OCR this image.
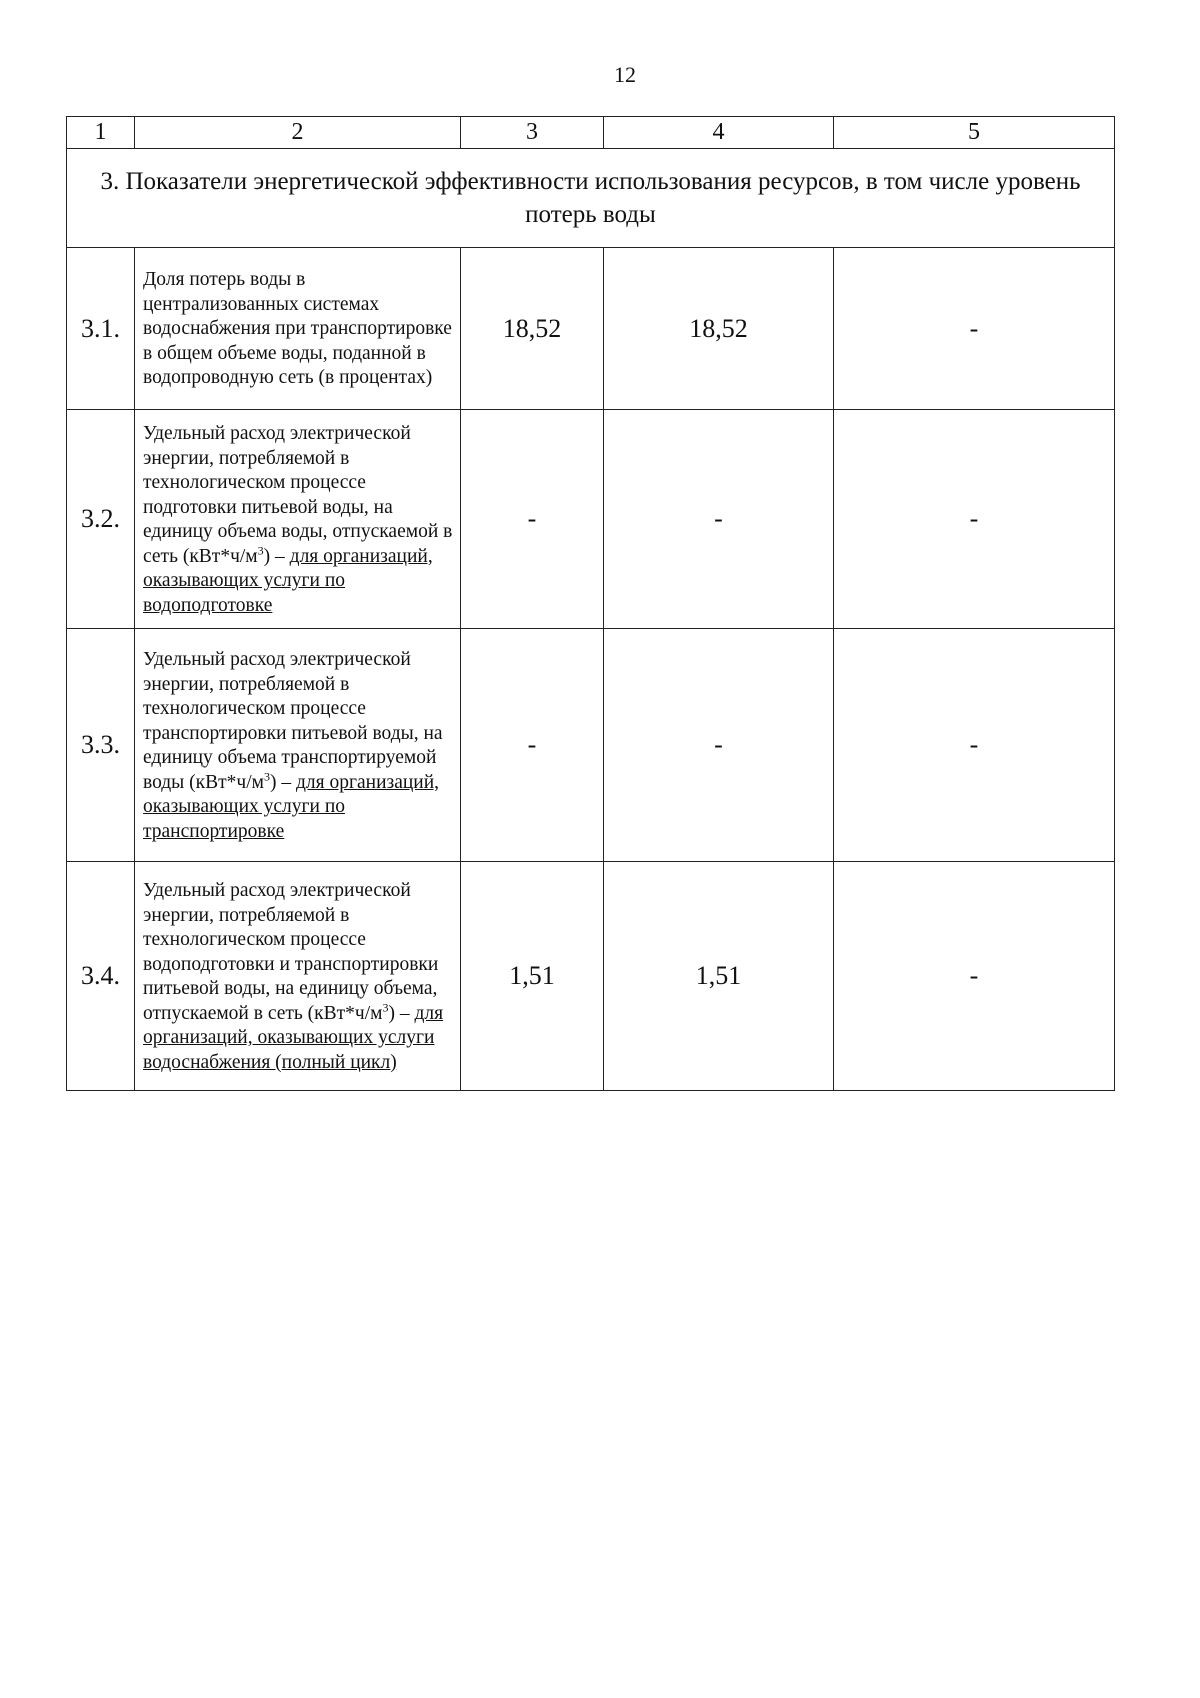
12
1	2	3	4	5
3. Показатели энергетической эффективности использования ресурсов, в том числе уровень потерь воды				
3.1.	Доля потерь воды в централизованных системах водоснабжения при транспортировке в общем объеме воды, поданной в водопроводную сеть (в процентах)	18,52	18,52	-
3.2.	Удельный расход электрической энергии, потребляемой в технологическом процессе подготовки питьевой воды, на единицу объема воды, отпускаемой в сеть $(кВт*ч/м^3)$ – для организаций, оказывающих услуги по водоподготовке	-	-	-
3.3.	Удельный расход электрической энергии, потребляемой в технологическом процессе транспортировки питьевой воды, на единицу объема транспортируемой воды $(кВт*ч/м^3)$ – для организаций, оказывающих услуги по транспортировке	-	-	-
3.4.	Удельный расход электрической энергии, потребляемой в технологическом процессе водоподготовки и транспортировки питьевой воды, на единицу объема, отпускаемой в сеть $(кВт*ч/м^3)$ – для организаций, оказывающих услуги водоснабжения (полный цикл)	1,51	1,51	-
